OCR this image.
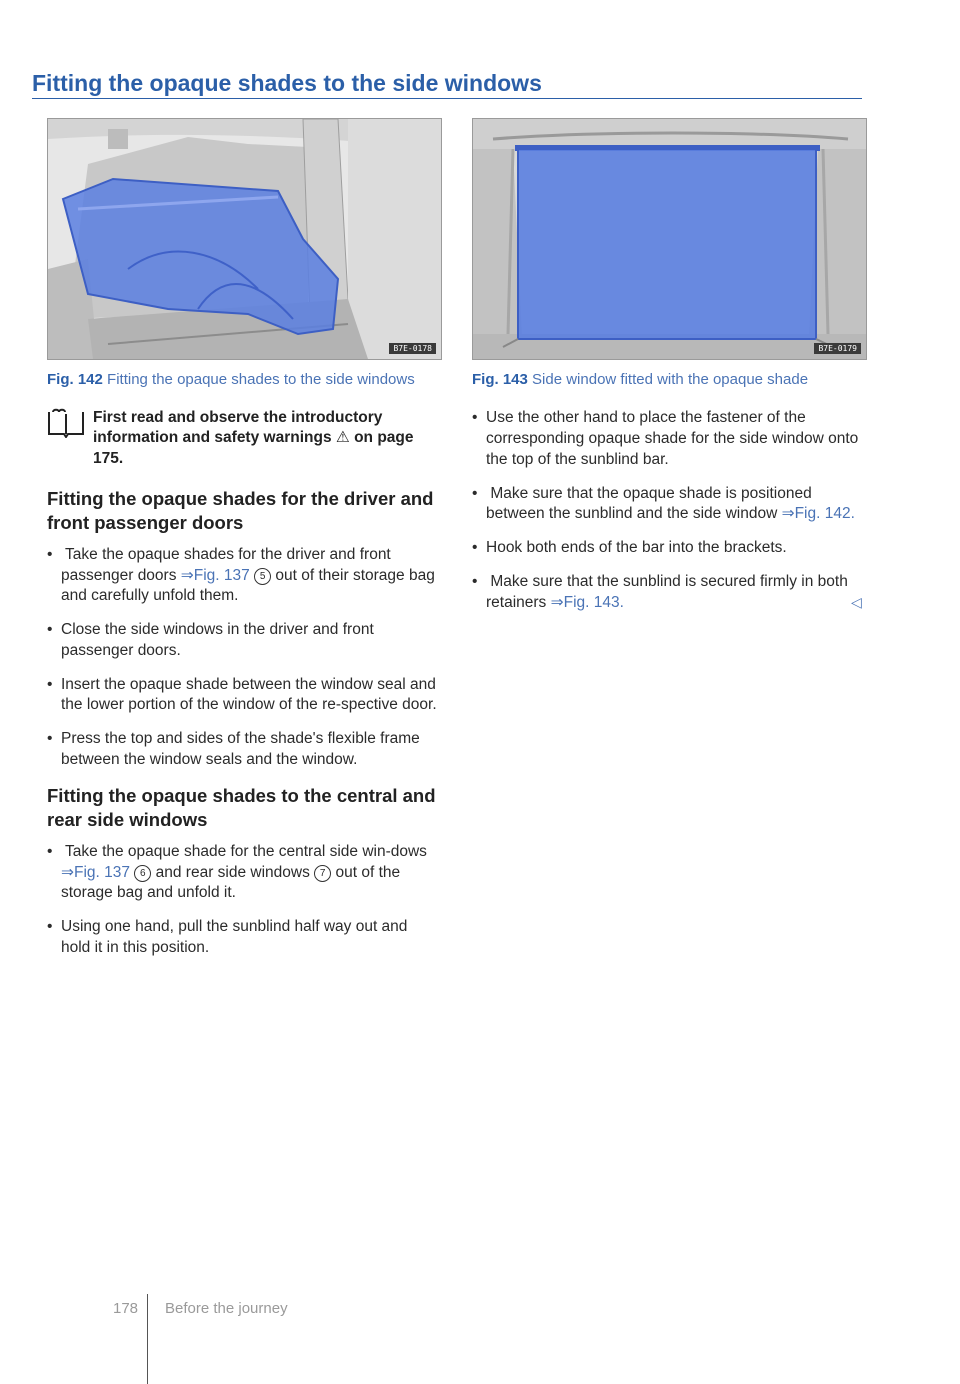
Fitting the opaque shades to the side windows
B7E-0178
Fig. 142 Fitting the opaque shades to the side windows
First read and observe the introductory information and safety warnings ⚠ on page 175.
Fitting the opaque shades for the driver and front passenger doors

• Take the opaque shades for the driver and front passenger doors ⇒Fig. 137 5 out of their storage bag and carefully unfold them.

• Close the side windows in the driver and front passenger doors.

• Insert the opaque shade between the window seal and the lower portion of the window of the re-spective door.

• Press the top and sides of the shade's flexible frame between the window seals and the window.

Fitting the opaque shades to the central and rear side windows

• Take the opaque shade for the central side win-dows ⇒Fig. 137 6 and rear side windows 7 out of the storage bag and unfold it.

• Using one hand, pull the sunblind half way out and hold it in this position.

B7E-0179
Fig. 143 Side window fitted with the opaque shade

• Use the other hand to place the fastener of the corresponding opaque shade for the side window onto the top of the sunblind bar.

• Make sure that the opaque shade is positioned between the sunblind and the side window ⇒Fig. 142.

• Hook both ends of the bar into the brackets.

• Make sure that the sunblind is secured firmly in both retainers ⇒Fig. 143.	◁

178 Before the journey
